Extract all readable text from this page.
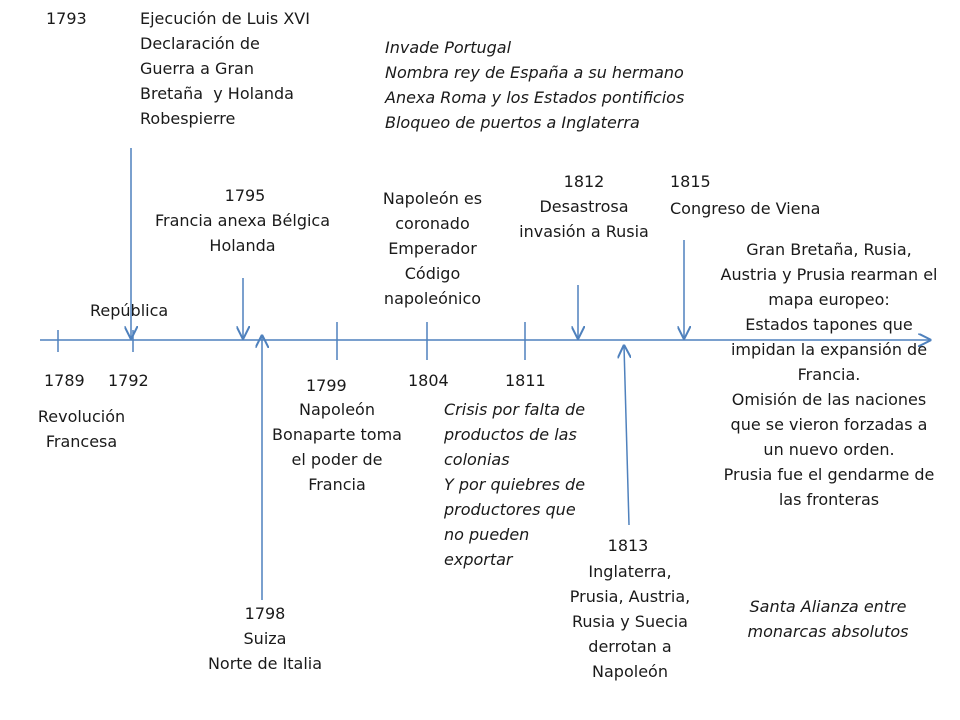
1793
1795
1812	1815
1789 1792	1799	1804	1811
1813
1798
Ejecución de Luis XVI
Declaración de
Guerra a Gran
Bretaña  y Holanda
Robespierre
Invade Portugal
Nombra rey de España a su hermano
Anexa Roma y los Estados pontificios
Bloqueo de puertos a Inglaterra
Francia anexa Bélgica
Holanda
Napoleón es
coronado
Emperador
Código
napoleónico
Desastrosa
invasión a Rusia
Congreso de Viena
Gran Bretaña, Rusia,
Austria y Prusia rearman el
mapa europeo:
Estados tapones que
impidan la expansión de
Francia.
Omisión de las naciones
que se vieron forzadas a
un nuevo orden.
Prusia fue el gendarme de
las fronteras
República
Revolución
Francesa
Napoleón
Bonaparte toma
el poder de
Francia
Crisis por falta de
productos de las
colonias
Y por quiebres de
productores que
no pueden
exportar
Inglaterra,
Prusia, Austria,
Rusia y Suecia
derrotan a
Napoleón
Santa Alianza entre
monarcas absolutos
Suiza
Norte de Italia
